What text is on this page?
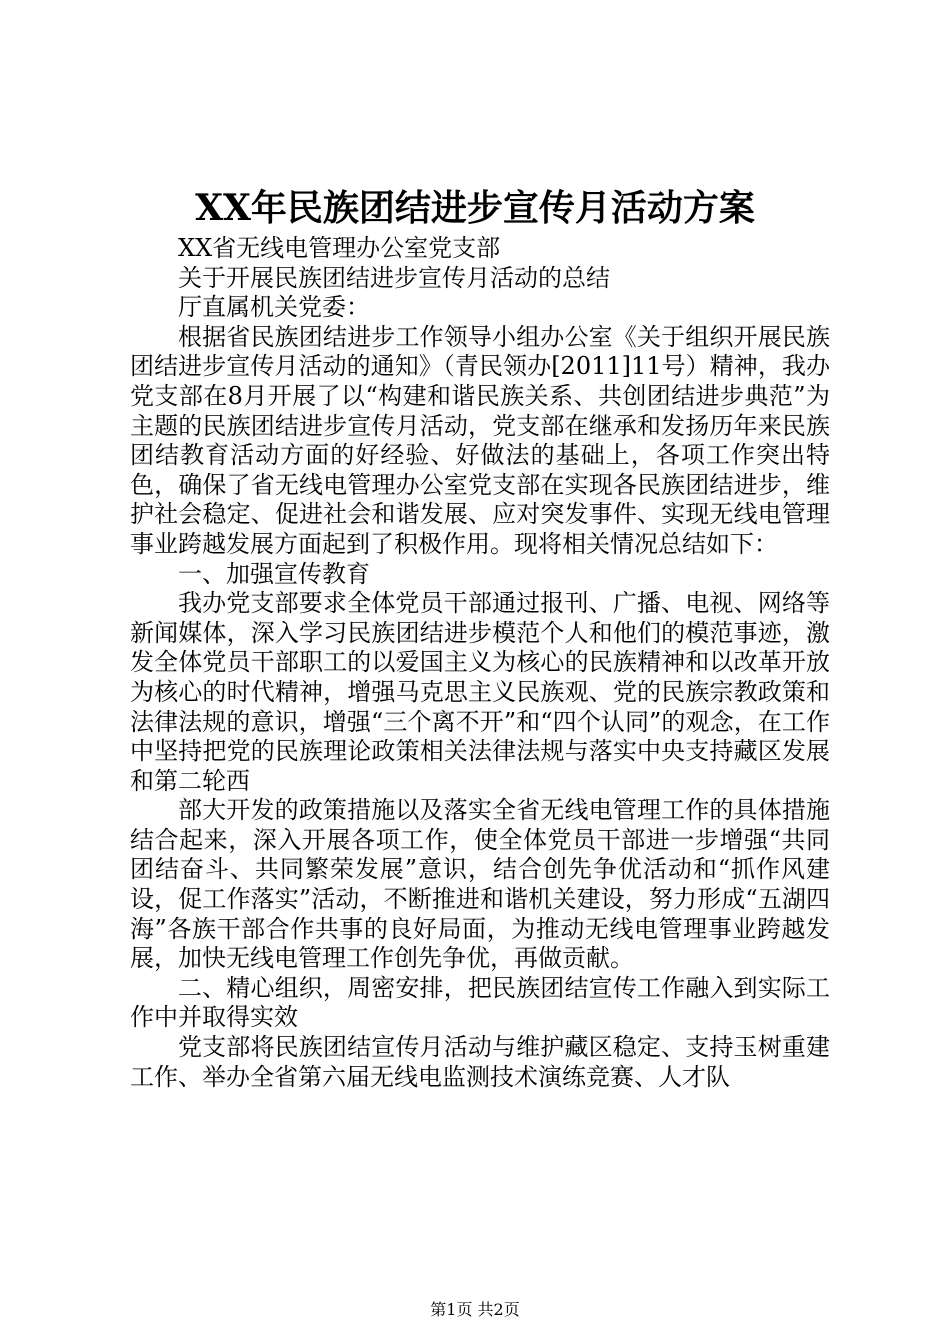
XX年民族团结进步宣传月活动方案

XX省无线电管理办公室党支部

关于开展民族团结进步宣传月活动的总结

厅直属机关党委：

根据省民族团结进步工作领导小组办公室《关于组织开展民族团结进步宣传月活动的通知》（青民领办[2011]11号）精神，我办党支部在8月开展了以“构建和谐民族关系、共创团结进步典范”为主题的民族团结进步宣传月活动，党支部在继承和发扬历年来民族团结教育活动方面的好经验、好做法的基础上，各项工作突出特色，确保了省无线电管理办公室党支部在实现各民族团结进步，维护社会稳定、促进社会和谐发展、应对突发事件、实现无线电管理事业跨越发展方面起到了积极作用。现将相关情况总结如下：

一、加强宣传教育

我办党支部要求全体党员干部通过报刊、广播、电视、网络等新闻媒体，深入学习民族团结进步模范个人和他们的模范事迹，激发全体党员干部职工的以爱国主义为核心的民族精神和以改革开放为核心的时代精神，增强马克思主义民族观、党的民族宗教政策和法律法规的意识，增强“三个离不开”和“四个认同”的观念，在工作中坚持把党的民族理论政策相关法律法规与落实中央支持藏区发展和第二轮西

部大开发的政策措施以及落实全省无线电管理工作的具体措施结合起来，深入开展各项工作，使全体党员干部进一步增强“共同团结奋斗、共同繁荣发展”意识，结合创先争优活动和“抓作风建设，促工作落实”活动，不断推进和谐机关建设，努力形成“五湖四海”各族干部合作共事的良好局面，为推动无线电管理事业跨越发展，加快无线电管理工作创先争优，再做贡献。

二、精心组织，周密安排，把民族团结宣传工作融入到实际工作中并取得实效

党支部将民族团结宣传月活动与维护藏区稳定、支持玉树重建工作、举办全省第六届无线电监测技术演练竞赛、人才队

第1页 共2页
